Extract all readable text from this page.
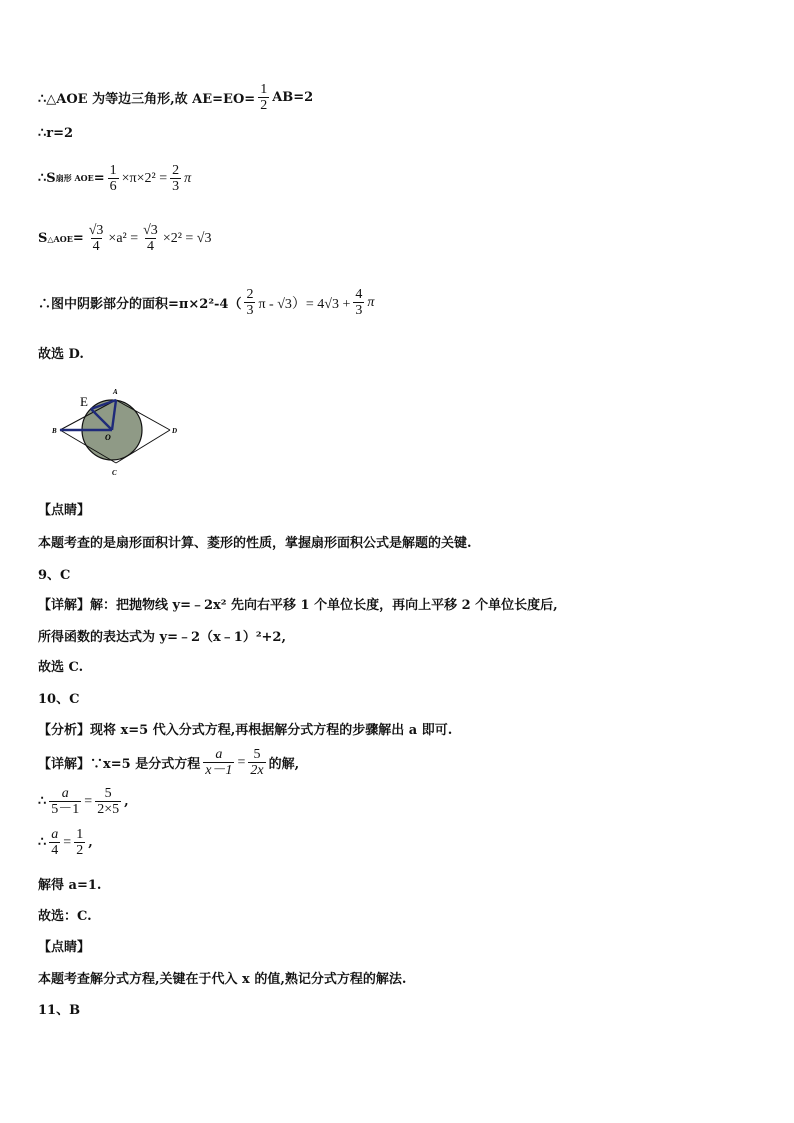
∴△AOE 为等边三角形,故 $AE=EO= \frac{1}{2} AB=2$
∴r=2
∴S 扇形 AOE = $\frac{1}{6} \times\pi\times 2^2 = \frac{2}{3}$ π
S △AOE = $\frac{√3}{4} \times a^2 = \frac{√3}{4} \times 2^2 = √3$
∴图中阴影部分的面积$=\pi\times 2^2-4( \frac{2}{3}$ $\pi - √3)= 4√3 + \frac{4}{3}$ π
故选 D.
E
A
B
O
C
D
【点睛】
本题考查的是扇形面积计算、菱形的性质，掌握扇形面积公式是解题的关键.
9、C
【详解】解：把抛物线 y=﹣2x² 先向右平移 1 个单位长度，再向上平移 2 个单位长度后,
所得函数的表达式为 y=﹣2（x﹣1）²+2,
故选 C.
10、C
【分析】现将 x=5 代入分式方程,再根据解分式方程的步骤解出 a 即可.
【详解】∵x=5 是分式方程 $\frac{a}{x-1} = \frac{5}{2x}$ 的解,
∴ $\frac{a}{5-1} = \frac{5}{2\times 5}$ ,
∴ $\frac{a}{4} = \frac{1}{2}$ ,
解得 a=1.
故选：C.
【点睛】
本题考查解分式方程,关键在于代入 x 的值,熟记分式方程的解法.
11、B
